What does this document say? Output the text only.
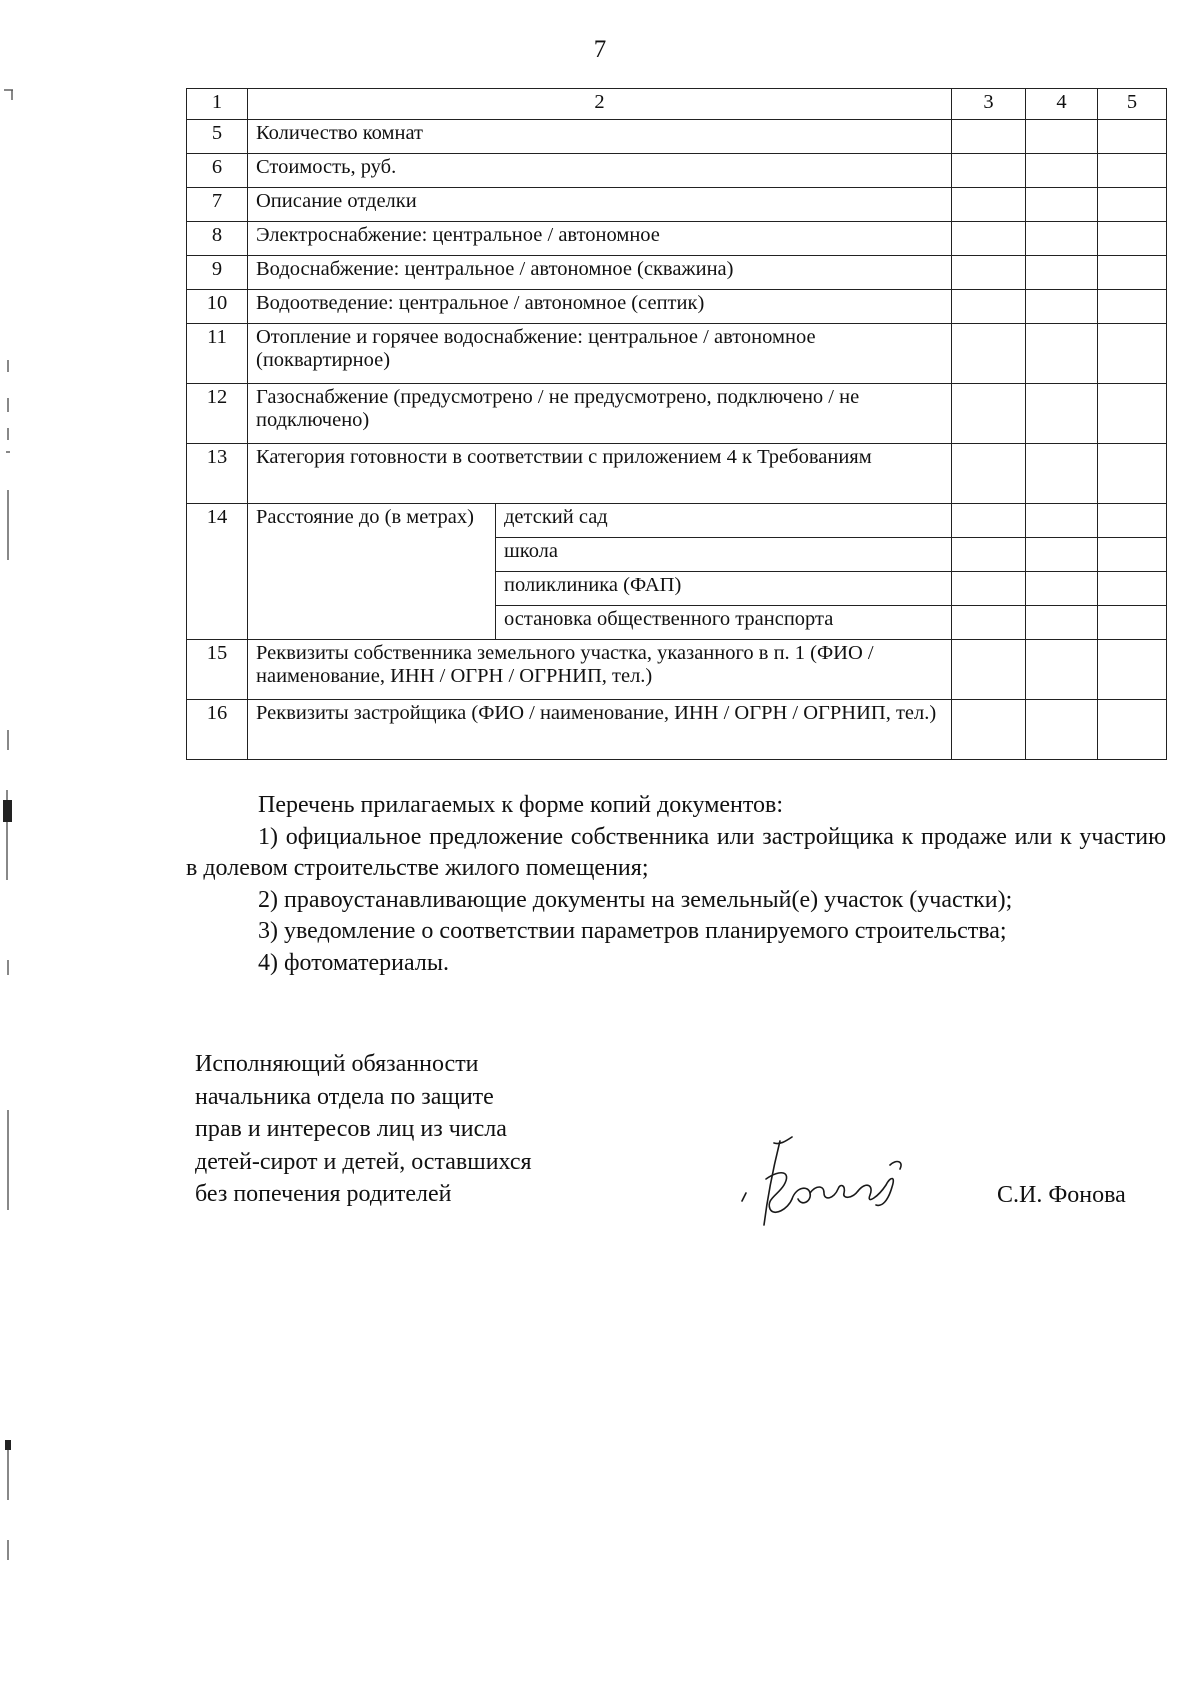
7
1	2		3	4	5
5	Количество комнат				
6	Стоимость, руб.				
7	Описание отделки				
8	Электроснабжение: центральное / автономное				
9	Водоснабжение: центральное / автономное (скважина)				
10	Водоотведение: центральное / автономное (септик)				
11	Отопление и горячее водоснабжение: центральное / автономное (поквартирное)				
12	Газоснабжение (предусмотрено / не предусмотрено, подключено / не подключено)				
13	Категория готовности в соответствии с приложением 4 к Требованиям				
14	Расстояние до (в метрах)	детский сад			
		школа			
		поликлиника (ФАП)			
		остановка общественного транспорта			
15	Реквизиты собственника земельного участка, указанного в п. 1 (ФИО / наименование, ИНН / ОГРН / ОГРНИП, тел.)				
16	Реквизиты застройщика (ФИО / наименование, ИНН / ОГРН / ОГРНИП, тел.)				

Перечень прилагаемых к форме копий документов:

1) официальное предложение собственника или застройщика к продаже или к участию в долевом строительстве жилого помещения;

2) правоустанавливающие документы на земельный(е) участок (участки);

3) уведомление о соответствии параметров планируемого строительства;

4) фотоматериалы.

Исполняющий обязанности
начальника отдела по защите
прав и интересов лиц из числа
детей-сирот и детей, оставшихся
без попечения родителей	С.И. Фонова
